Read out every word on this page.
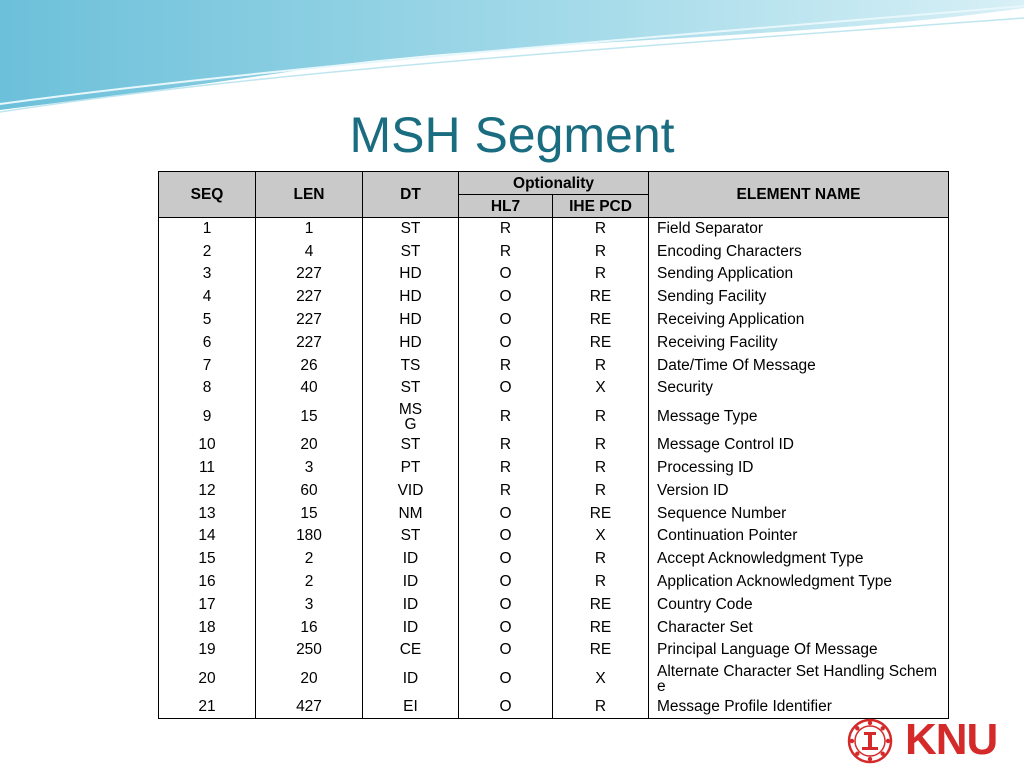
MSH Segment
SEQ	LEN	DT	Optionality		ELEMENT NAME
			HL7	IHE PCD	
1	1	ST	R	R	Field Separator
2	4	ST	R	R	Encoding Characters
3	227	HD	O	R	Sending Application
4	227	HD	O	RE	Sending Facility
5	227	HD	O	RE	Receiving Application
6	227	HD	O	RE	Receiving Facility
7	26	TS	R	R	Date/Time Of Message
8	40	ST	O	X	Security
9	15	MSG	R	R	Message Type
10	20	ST	R	R	Message Control ID
11	3	PT	R	R	Processing ID
12	60	VID	R	R	Version ID
13	15	NM	O	RE	Sequence Number
14	180	ST	O	X	Continuation Pointer
15	2	ID	O	R	Accept Acknowledgment Type
16	2	ID	O	R	Application Acknowledgment Type
17	3	ID	O	RE	Country Code
18	16	ID	O	RE	Character Set
19	250	CE	O	RE	Principal Language Of Message
20	20	ID	O	X	Alternate Character Set Handling Scheme
21	427	EI	O	R	Message Profile Identifier
KNU
